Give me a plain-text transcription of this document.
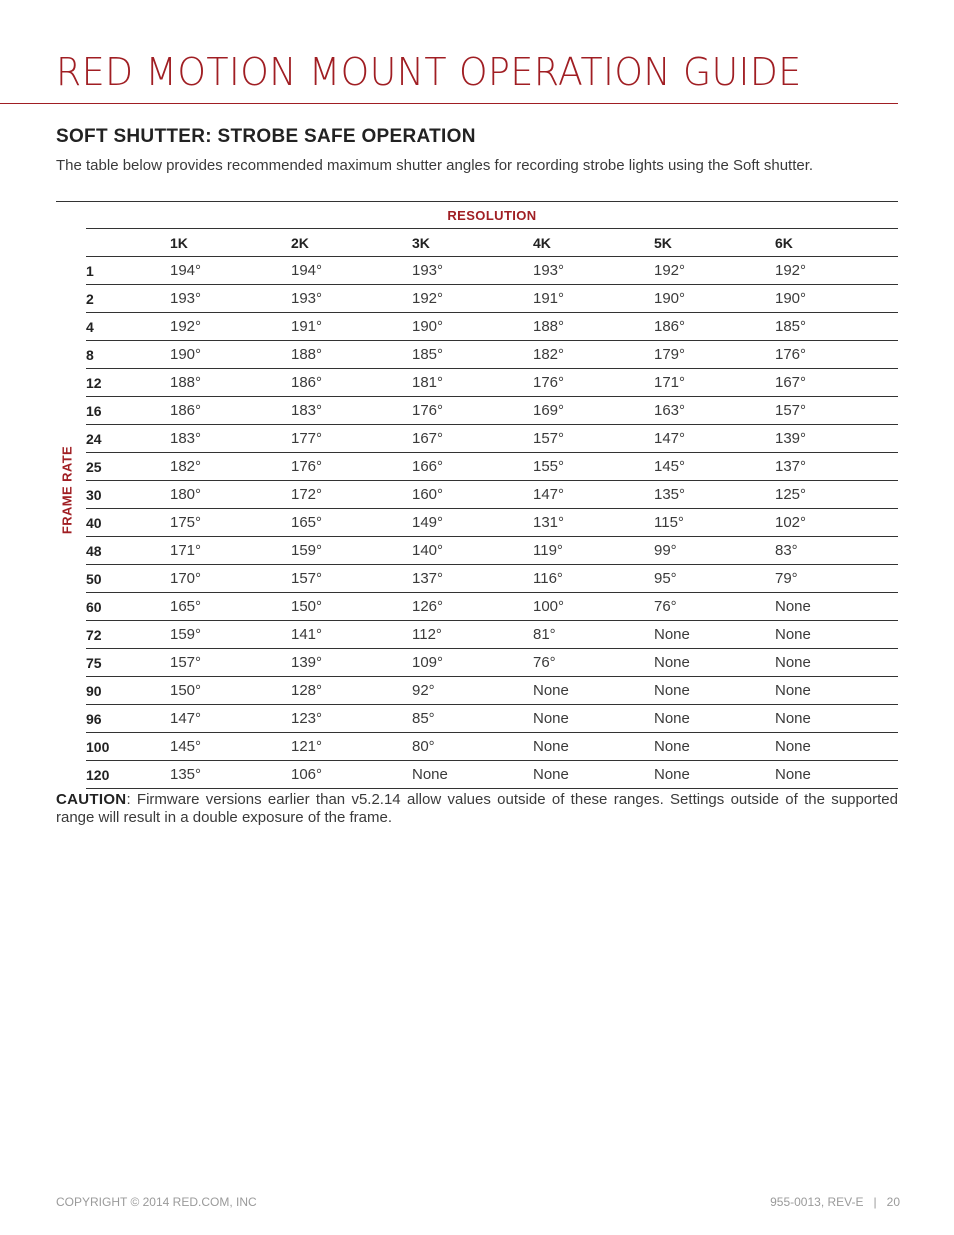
RED MOTION MOUNT OPERATION GUIDE
SOFT SHUTTER: STROBE SAFE OPERATION
The table below provides recommended maximum shutter angles for recording strobe lights using the Soft shutter.
FRAME RATE
RESOLUTION
	1K	2K	3K	4K	5K	6K
1	194°	194°	193°	193°	192°	192°
2	193°	193°	192°	191°	190°	190°
4	192°	191°	190°	188°	186°	185°
8	190°	188°	185°	182°	179°	176°
12	188°	186°	181°	176°	171°	167°
16	186°	183°	176°	169°	163°	157°
24	183°	177°	167°	157°	147°	139°
25	182°	176°	166°	155°	145°	137°
30	180°	172°	160°	147°	135°	125°
40	175°	165°	149°	131°	115°	102°
48	171°	159°	140°	119°	99°	83°
50	170°	157°	137°	116°	95°	79°
60	165°	150°	126°	100°	76°	None
72	159°	141°	112°	81°	None	None
75	157°	139°	109°	76°	None	None
90	150°	128°	92°	None	None	None
96	147°	123°	85°	None	None	None
100	145°	121°	80°	None	None	None
120	135°	106°	None	None	None	None
CAUTION: Firmware versions earlier than v5.2.14 allow values outside of these ranges. Settings outside of the supported range will result in a double exposure of the frame.
COPYRIGHT © 2014 RED.COM, INC	955-0013, REV-E | 20
